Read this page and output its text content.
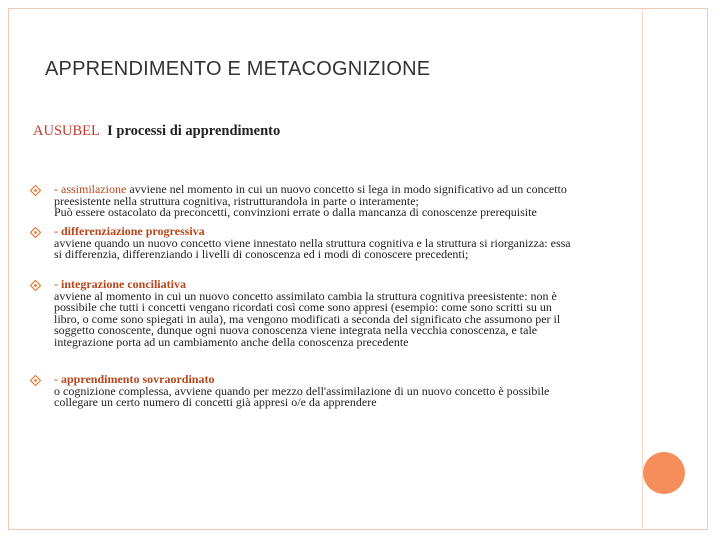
APPRENDIMENTO E METACOGNIZIONE
AUSUBEL I processi di apprendimento
- assimilazione avviene nel momento in cui un nuovo concetto si lega in modo significativo ad un concetto
preesistente nella struttura cognitiva, ristrutturandola in parte o interamente;
Può essere ostacolato da preconcetti, convinzioni errate o dalla mancanza di conoscenze prerequisite
- differenziazione progressiva
avviene quando un nuovo concetto viene innestato nella struttura cognitiva e la struttura si riorganizza: essa
si differenzia, differenziando i livelli di conoscenza ed i modi di conoscere precedenti;
- integrazione conciliativa
avviene al momento in cui un nuovo concetto assimilato cambia la struttura cognitiva preesistente: non è
possibile che tutti i concetti vengano ricordati così come sono appresi (esempio: come sono scritti su un
libro, o come sono spiegati in aula), ma vengono modificati a seconda del significato che assumono per il
soggetto conoscente, dunque ogni nuova conoscenza viene integrata nella vecchia conoscenza, e tale
integrazione porta ad un cambiamento anche della conoscenza precedente
- apprendimento sovraordinato
o cognizione complessa, avviene quando per mezzo dell'assimilazione di un nuovo concetto è possibile
collegare un certo numero di concetti già appresi o/e da apprendere
